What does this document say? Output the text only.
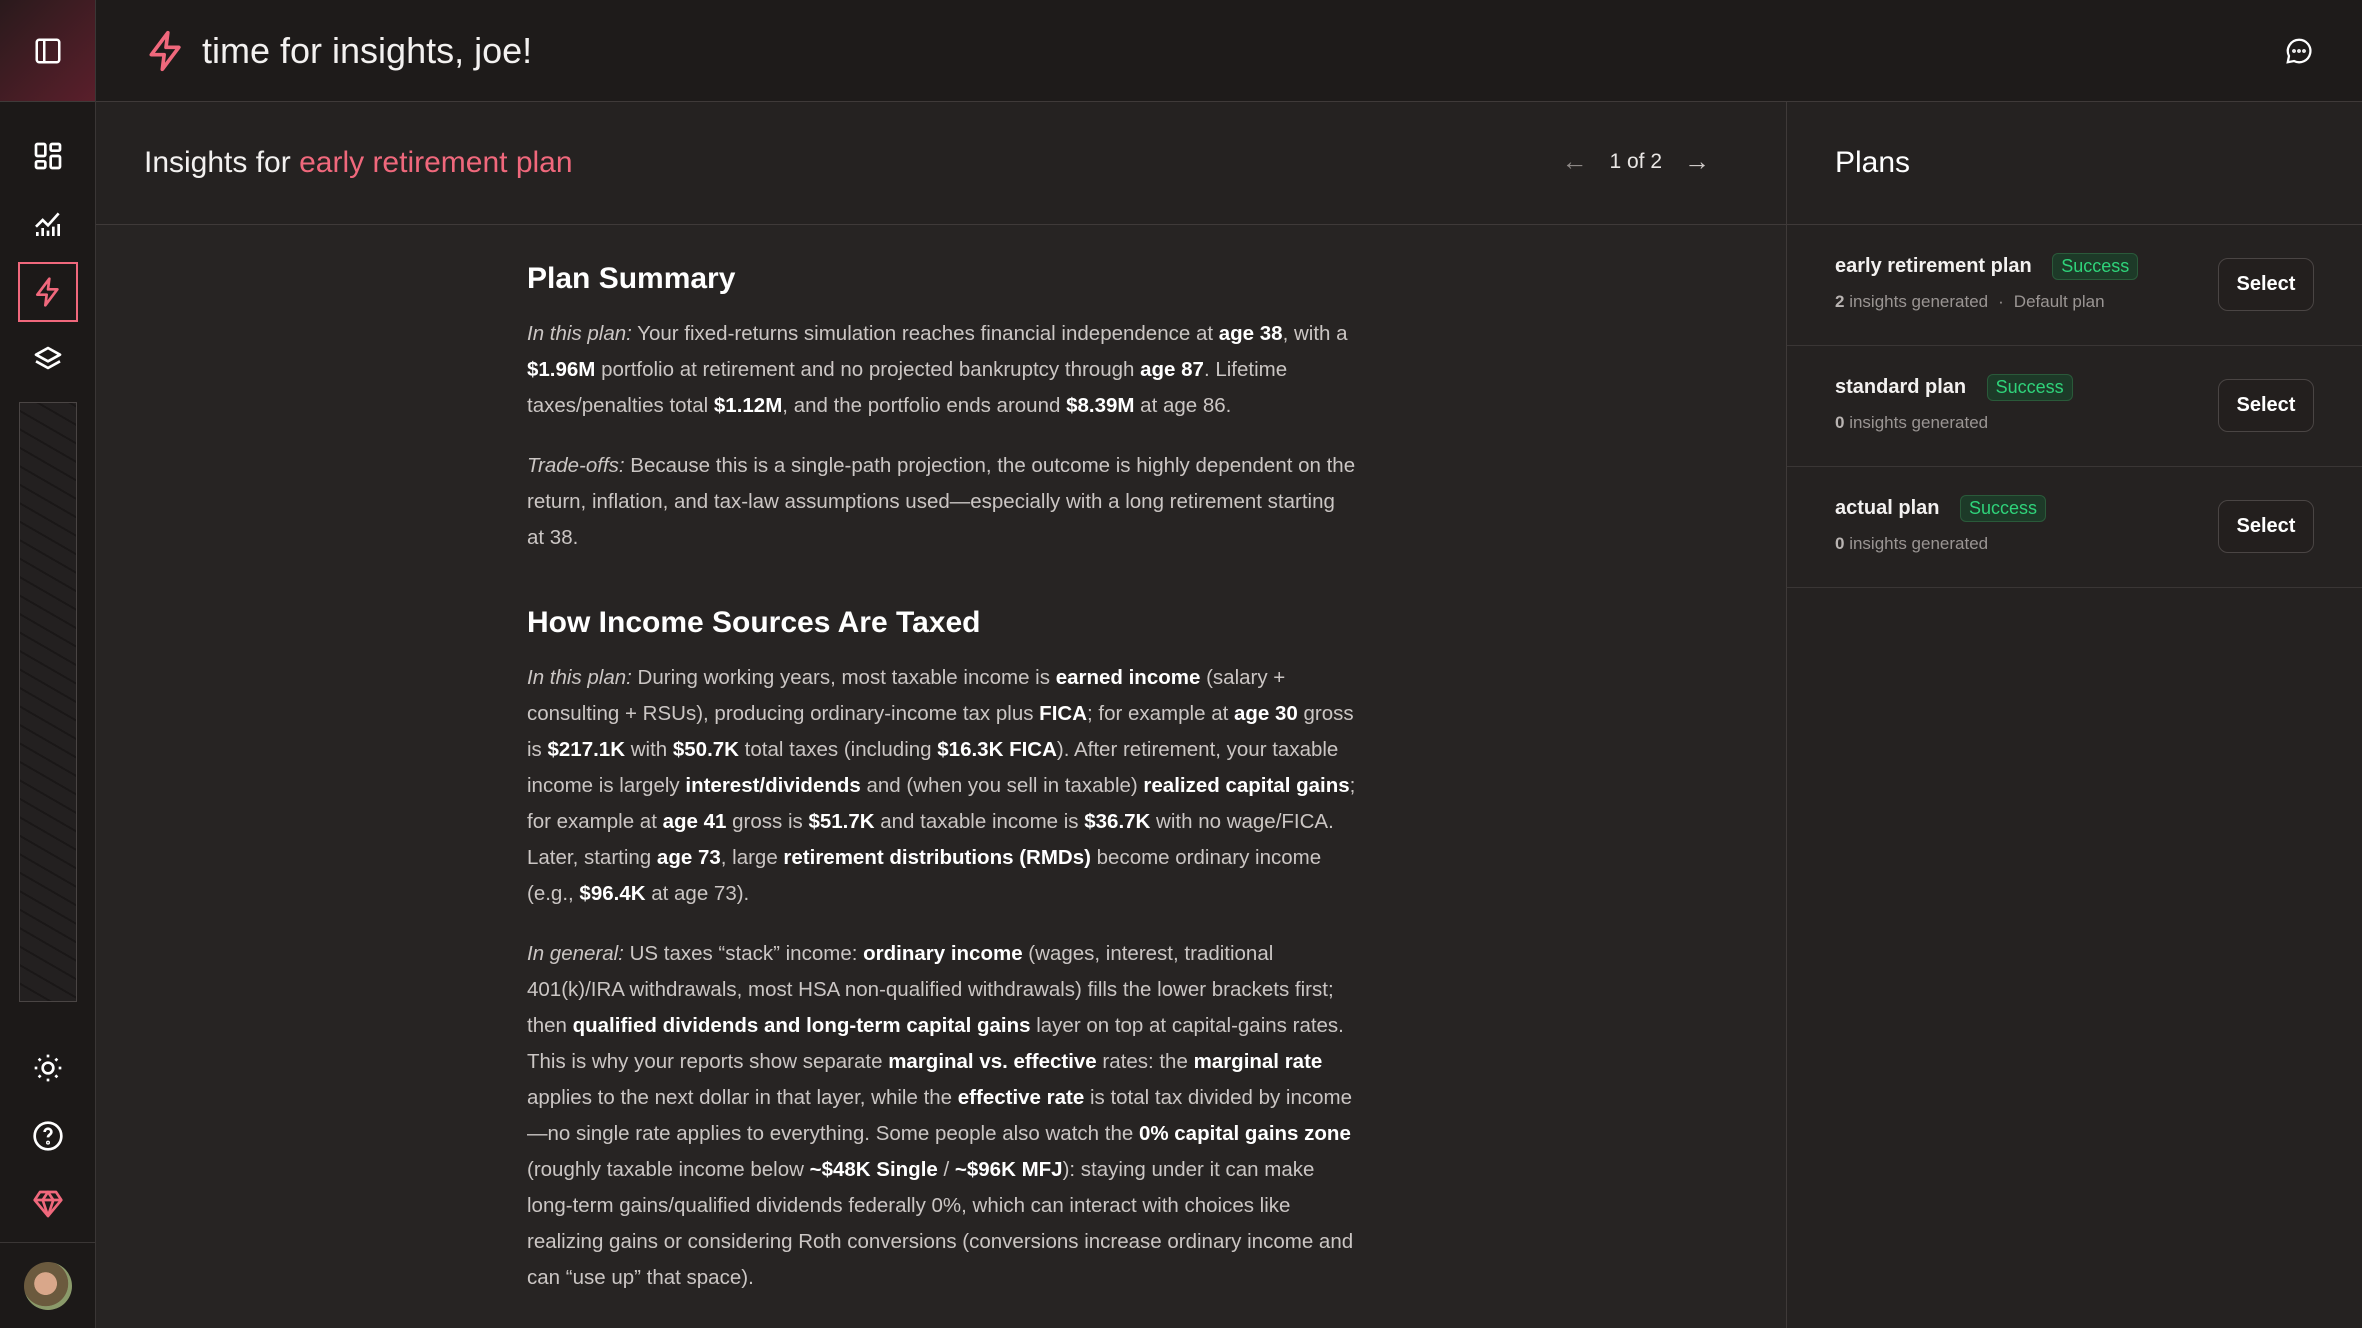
time for insights, joe!
Insights for early retirement plan	← 1 of 2 →
Plan Summary

In this plan: Your fixed-returns simulation reaches financial independence at age 38, with a $1.96M portfolio at retirement and no projected bankruptcy through age 87. Lifetime taxes/penalties total $1.12M, and the portfolio ends around $8.39M at age 86.

Trade-offs: Because this is a single-path projection, the outcome is highly dependent on the return, inflation, and tax-law assumptions used—especially with a long retirement starting at 38.

How Income Sources Are Taxed

In this plan: During working years, most taxable income is earned income (salary + consulting + RSUs), producing ordinary-income tax plus FICA; for example at age 30 gross is $217.1K with $50.7K total taxes (including $16.3K FICA). After retirement, your taxable income is largely interest/dividends and (when you sell in taxable) realized capital gains; for example at age 41 gross is $51.7K and taxable income is $36.7K with no wage/FICA. Later, starting age 73, large retirement distributions (RMDs) become ordinary income (e.g., $96.4K at age 73).

In general: US taxes “stack” income: ordinary income (wages, interest, traditional 401(k)/IRA withdrawals, most HSA non-qualified withdrawals) fills the lower brackets first; then qualified dividends and long-term capital gains layer on top at capital-gains rates. This is why your reports show separate marginal vs. effective rates: the marginal rate applies to the next dollar in that layer, while the effective rate is total tax divided by income—no single rate applies to everything. Some people also watch the 0% capital gains zone (roughly taxable income below ~$48K Single / ~$96K MFJ): staying under it can make long-term gains/qualified dividends federally 0%, which can interact with choices like realizing gains or considering Roth conversions (conversions increase ordinary income and can “use up” that space).

Plans
early retirement plan Success
2 insights generated · Default plan
Select
standard plan Success
0 insights generated
Select
actual plan Success
0 insights generated
Select
